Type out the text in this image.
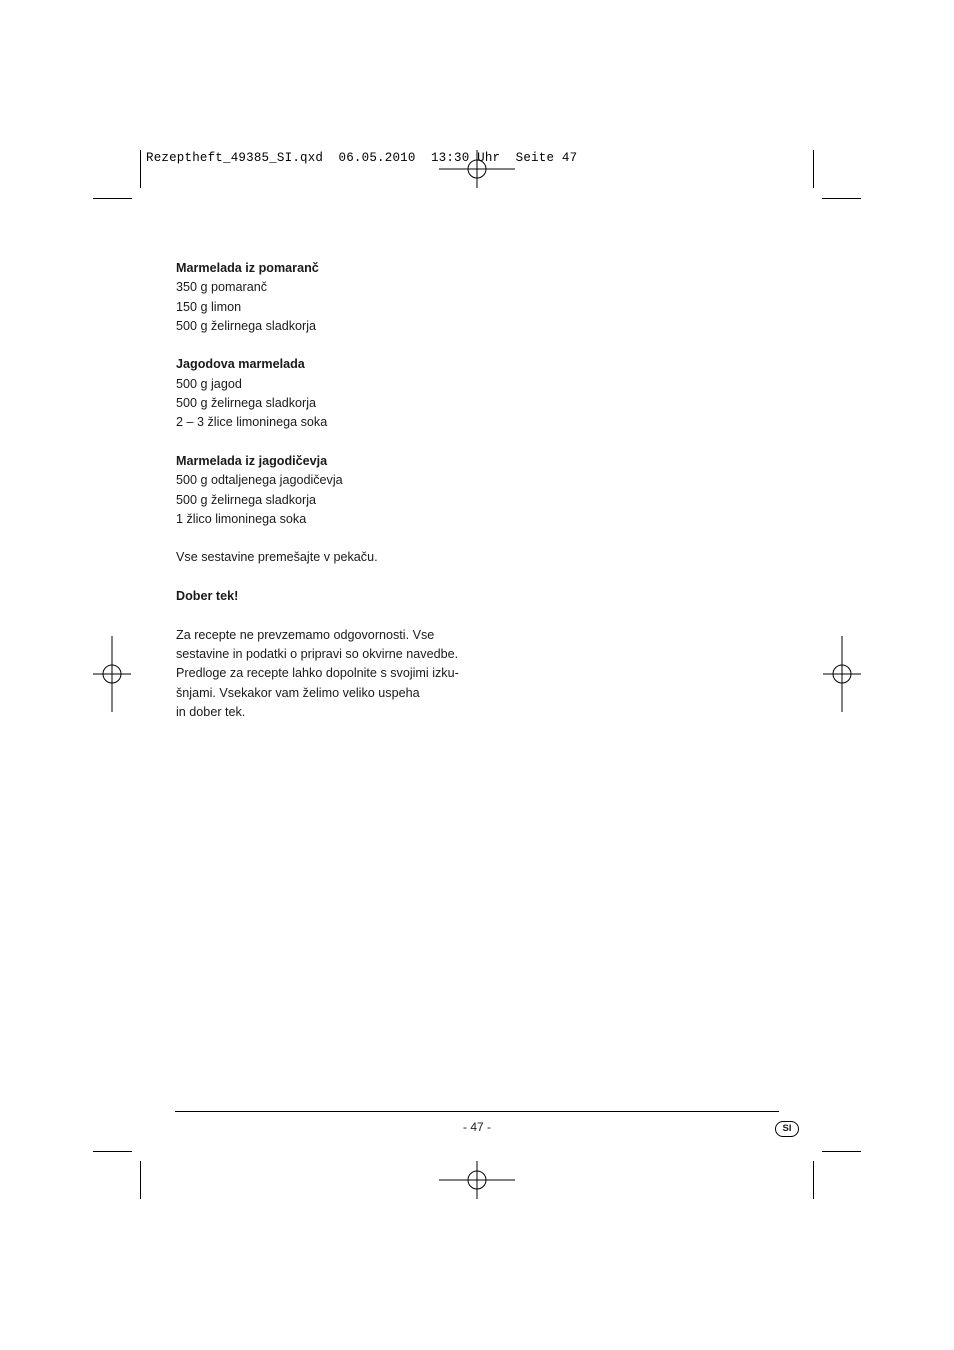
Rezeptheft_49385_SI.qxd  06.05.2010  13:30 Uhr  Seite 47

Marmelada iz pomaranč

350 g pomaranč

150 g limon

500 g želirnega sladkorja

Jagodova marmelada

500 g jagod

500 g želirnega sladkorja

2 – 3 žlice limoninega soka

Marmelada iz jagodičevja

500 g odtaljenega jagodičevja

500 g želirnega sladkorja

1 žlico limoninega soka

Vse sestavine premešajte v pekaču.

Dober tek!

Za recepte ne prevzemamo odgovornosti. Vse

sestavine in podatki o pripravi so okvirne navedbe.

Predloge za recepte lahko dopolnite s svojimi izku-

šnjami. Vsekakor vam želimo veliko uspeha

in dober tek.

- 47 -	SI
